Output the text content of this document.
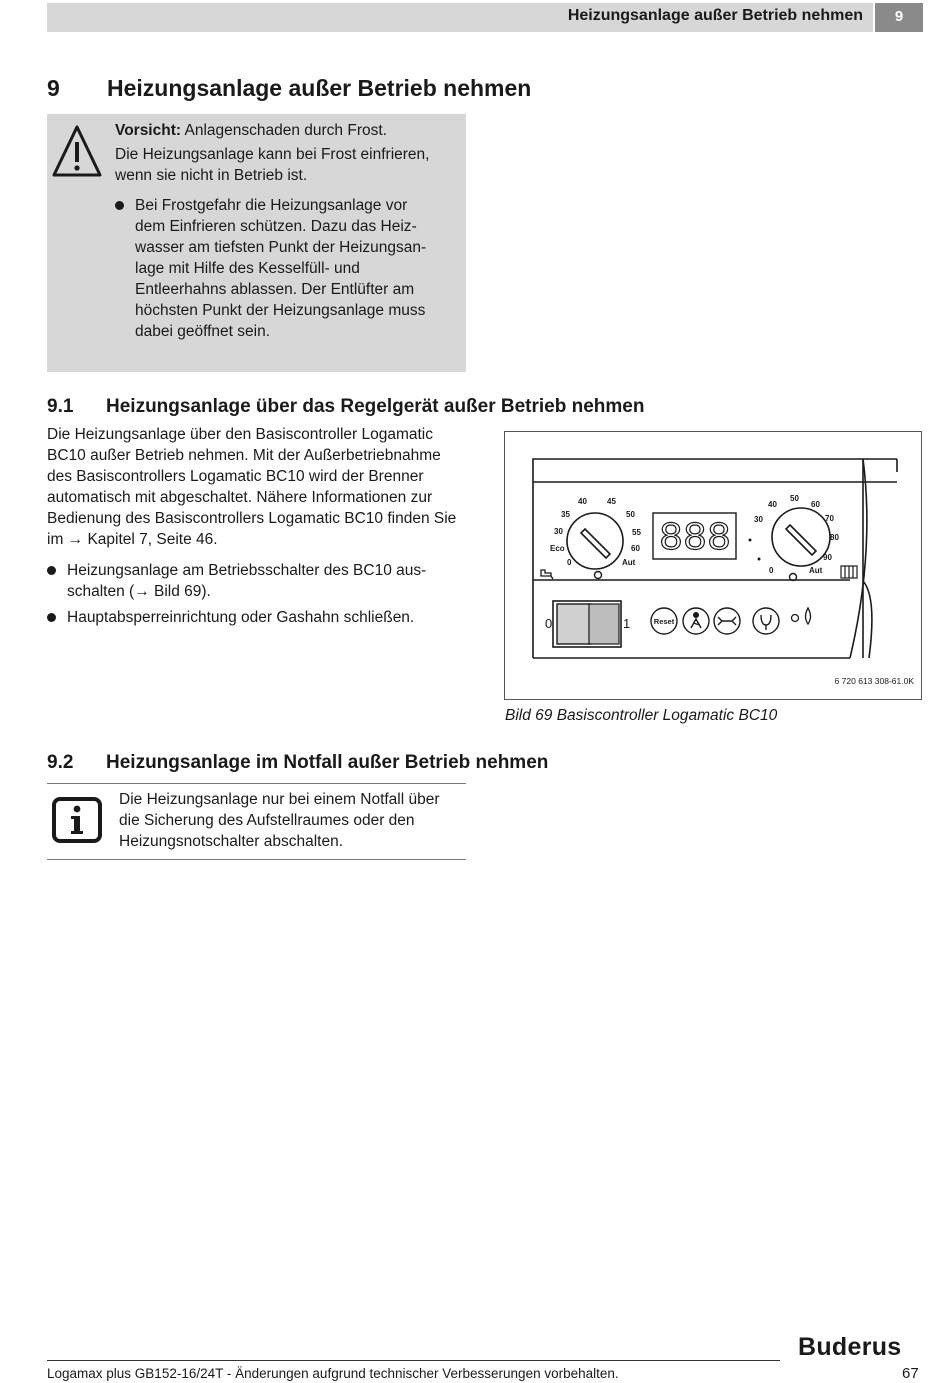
Heizungsanlage außer Betrieb nehmen	9
9 Heizungsanlage außer Betrieb nehmen

Vorsicht: Anlagenschaden durch Frost.

Die Heizungsanlage kann bei Frost einfrieren, wenn sie nicht in Betrieb ist.

Bei Frostgefahr die Heizungsanlage vor dem Einfrieren schützen. Dazu das Heizwasser am tiefsten Punkt der Heizungsanlage mit Hilfe des Kesselfüll- und Entleerhahns ablassen. Der Entlüfter am höchsten Punkt der Heizungsanlage muss dabei geöffnet sein.
9.1 Heizungsanlage über das Regelgerät außer Betrieb nehmen

Die Heizungsanlage über den Basiscontroller Logamatic BC10 außer Betrieb nehmen. Mit der Außerbetriebnahme des Basiscontrollers Logamatic BC10 wird der Brenner automatisch mit abgeschaltet. Nähere Informationen zur Bedienung des Basiscontrollers Logamatic BC10 finden Sie im → Kapitel 7, Seite 46.

Heizungsanlage am Betriebsschalter des BC10 ausschalten (→ Bild 69).
Hauptabsperreinrichtung oder Gashahn schließen.
40	45
35	50
30	55
Eco	60
0	Aut
888
50
40	60
30	70
80
90
0	Aut
0	1	Reset
6 720 613 308-61.0K
Bild 69 Basiscontroller Logamatic BC10
9.2 Heizungsanlage im Notfall außer Betrieb nehmen
Die Heizungsanlage nur bei einem Notfall über die Sicherung des Aufstellraumes oder den Heizungsnotschalter abschalten.
Buderus
Logamax plus GB152-16/24T - Änderungen aufgrund technischer Verbesserungen vorbehalten.	67
